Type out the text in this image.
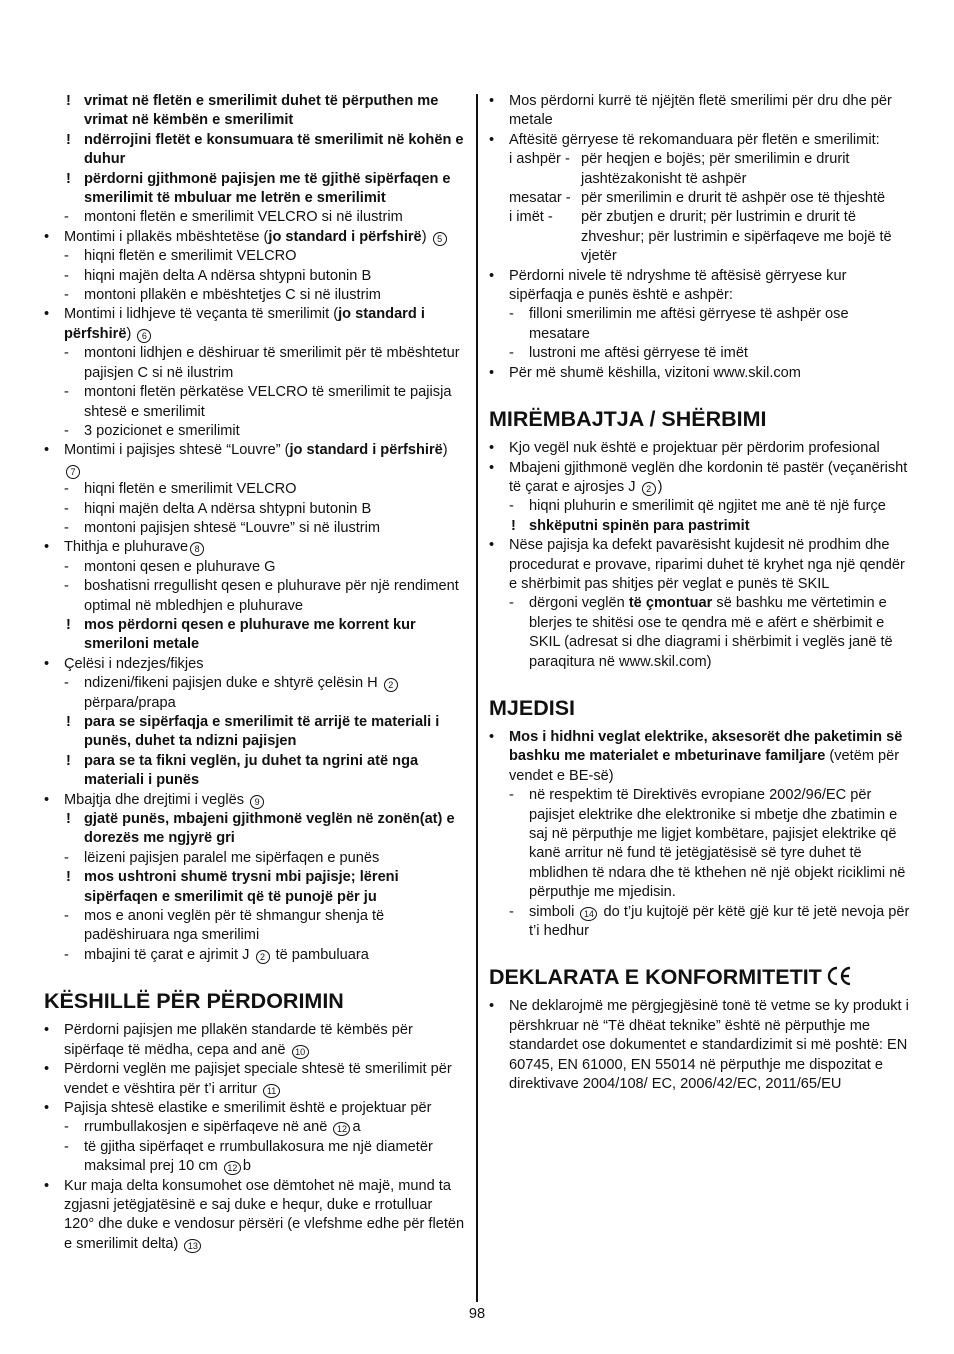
! vrimat në fletën e smerilimit duhet të përputhen me vrimat në këmbën e smerilimit
! ndërrojini fletët e konsumuara të smerilimit në kohën e duhur
! përdorni gjithmonë pajisjen me të gjithë sipërfaqen e smerilimit të mbuluar me letrën e smerilimit
-	montoni fletën e smerilimit VELCRO si në ilustrim
•	Montimi i pllakës mbështetëse (jo standard i përfshirë) 5
-	hiqni fletën e smerilimit VELCRO
-	hiqni majën delta A ndërsa shtypni butonin B
-	montoni pllakën e mbështetjes C si në ilustrim
•	Montimi i lidhjeve të veçanta të smerilimit (jo standard i përfshirë) 6
-	montoni lidhjen e dëshiruar të smerilimit për të mbështetur pajisjen C si në ilustrim
-	montoni fletën përkatëse VELCRO të smerilimit te pajisja shtesë e smerilimit
-	3 pozicionet e smerilimit
•	Montimi i pajisjes shtesë “Louvre” (jo standard i përfshirë) 7
-	hiqni fletën e smerilimit VELCRO
-	hiqni majën delta A ndërsa shtypni butonin B
-	montoni pajisjen shtesë “Louvre” si në ilustrim
•	Thithja e pluhurave 8
-	montoni qesen e pluhurave G
-	boshatisni rregullisht qesen e pluhurave për një rendiment optimal në mbledhjen e pluhurave
! mos përdorni qesen e pluhurave me korrent kur smeriloni metale
•	Çelësi i ndezjes/fikjes
-	ndizeni/fikeni pajisjen duke e shtyrë çelësin H 2 përpara/prapa
! para se sipërfaqja e smerilimit të arrijë te materiali i punës, duhet ta ndizni pajisjen
! para se ta fikni veglën, ju duhet ta ngrini atë nga materiali i punës
•	Mbajtja dhe drejtimi i veglës 9
! gjatë punës, mbajeni gjithmonë veglën në zonën(at) e dorezës me ngjyrë gri
-	lëizeni pajisjen paralel me sipërfaqen e punës
! mos ushtroni shumë trysni mbi pajisje; lëreni sipërfaqen e smerilimit që të punojë për ju
-	mos e anoni veglën për të shmangur shenja të padëshiruara nga smerilimi
-	mbajini të çarat e ajrimit J 2 të pambuluara
KËSHILLË PËR PËRDORIMIN
•	Përdorni pajisjen me pllakën standarde të këmbës për sipërfaqe të mëdha, cepa and anë 10
•	Përdorni veglën me pajisjet speciale shtesë të smerilimit për vendet e vështira për t’i arritur 11
•	Pajisja shtesë elastike e smerilimit është e projektuar për
-	rrumbullakosjen e sipërfaqeve në anë 12 a
-	të gjitha sipërfaqet e rrumbullakosura me një diametër maksimal prej 10 cm 12 b
•	Kur maja delta konsumohet ose dëmtohet në majë, mund ta zgjasni jetëgjatësinë e saj duke e hequr, duke e rrotulluar 120° dhe duke e vendosur përsëri (e vlefshme edhe për fletën e smerilimit delta) 13
•	Mos përdorni kurrë të njëjtën fletë smerilimi për dru dhe për metale
•	Aftësitë gërryese të rekomanduara për fletën e smerilimit:
i ashpër - për heqjen e bojës; për smerilimin e drurit jashtëzakonisht të ashpër
mesatar - për smerilimin e drurit të ashpër ose të thjeshtë
i imët -	për zbutjen e drurit; për lustrimin e drurit të zhveshur; për lustrimin e sipërfaqeve me bojë të vjetër
•	Përdorni nivele të ndryshme të aftësisë gërryese kur sipërfaqja e punës është e ashpër:
-	filloni smerilimin me aftësi gërryese të ashpër ose mesatare
-	lustroni me aftësi gërryese të imët
•	Për më shumë këshilla, vizitoni www.skil.com
MIRËMBAJTJA / SHËRBIMI
•	Kjo vegël nuk është e projektuar për përdorim profesional
•	Mbajeni gjithmonë veglën dhe kordonin të pastër (veçanërisht të çarat e ajrosjes J 2 )
-	hiqni pluhurin e smerilimit që ngjitet me anë të një furçe
! shkëputni spinën para pastrimit
•	Nëse pajisja ka defekt pavarësisht kujdesit në prodhim dhe procedurat e provave, riparimi duhet të kryhet nga një qendër e shërbimit pas shitjes për veglat e punës të SKIL
-	dërgoni veglën të çmontuar së bashku me vërtetimin e blerjes te shitësi ose te qendra më e afërt e shërbimit e SKIL (adresat si dhe diagrami i shërbimit i veglës janë të paraqitura në www.skil.com)
MJEDISI
•	Mos i hidhni veglat elektrike, aksesorët dhe paketimin së bashku me materialet e mbeturinave familjare (vetëm për vendet e BE-së)
-	në respektim të Direktivës evropiane 2002/96/EC për pajisjet elektrike dhe elektronike si mbetje dhe zbatimin e saj në përputhje me ligjet kombëtare, pajisjet elektrike që kanë arritur në fund të jetëgjatësisë së tyre duhet të mblidhen të ndara dhe të kthehen në një objekt riciklimi në përputhje me mjedisin.
-	simboli 14 do t’ju kujtojë për këtë gjë kur të jetë nevoja për t’i hedhur
DEKLARATA E KONFORMITETIT
•	Ne deklarojmë me përgjegjësinë tonë të vetme se ky produkt i përshkruar në “Të dhëat teknike” është në përputhje me standardet ose dokumentet e standardizimit si më poshtë: EN 60745, EN 61000, EN 55014 në përputhje me dispozitat e direktivave 2004/108/ EC, 2006/42/EC, 2011/65/EU
98
